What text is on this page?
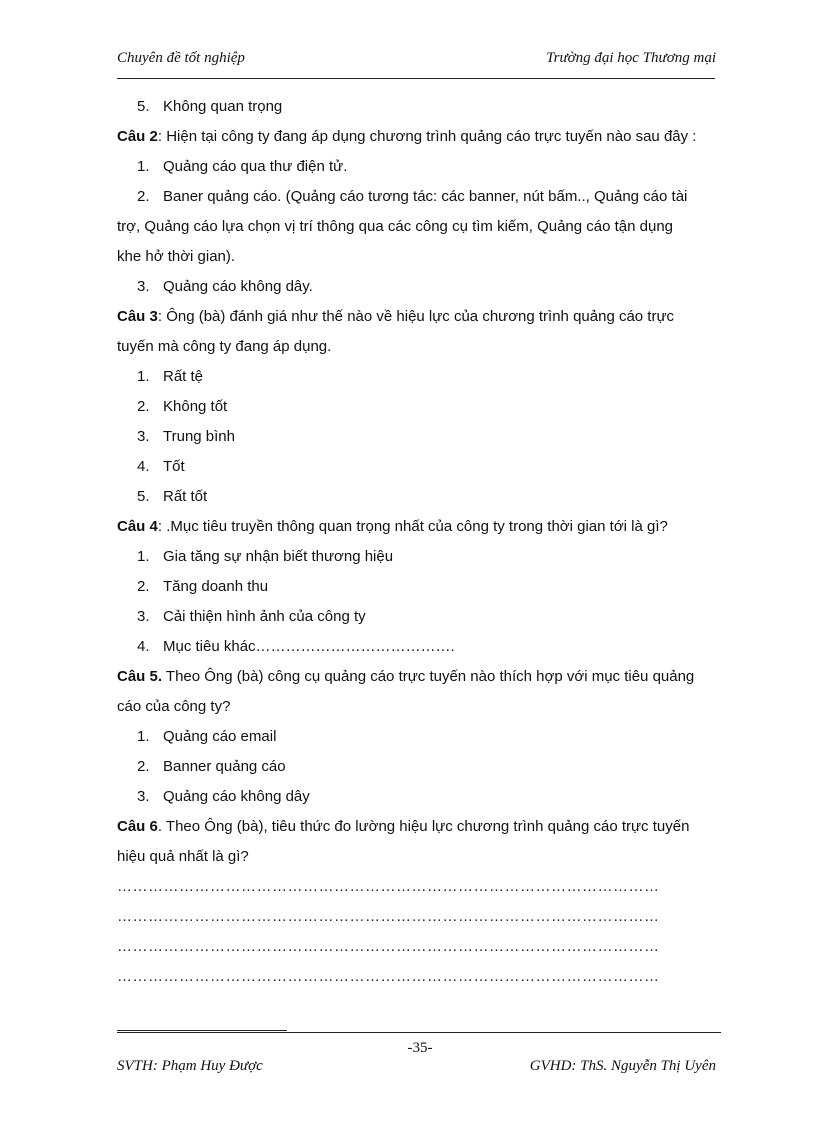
Chuyên đề tốt nghiệp	Trường đại học Thương mại
5. Không quan trọng
Câu 2: Hiện tại công ty đang áp dụng chương trình quảng cáo trực tuyến nào sau đây :
1. Quảng cáo qua thư điện tử.
2. Baner quảng cáo. (Quảng cáo tương tác: các banner, nút bấm.., Quảng cáo tài
trợ, Quảng cáo lựa chọn vị trí thông qua các công cụ tìm kiếm, Quảng cáo tận dụng
khe hở thời gian).
3. Quảng cáo không dây.
Câu 3: Ông (bà) đánh giá như thế nào về hiệu lực của chương trình quảng cáo trực
tuyến mà công ty đang áp dụng.
1. Rất tệ
2. Không tốt
3. Trung bình
4. Tốt
5. Rất tốt
Câu 4: .Mục tiêu truyền thông quan trọng nhất của công ty trong thời gian tới là gì?
1. Gia tăng sự nhận biết thương hiệu
2. Tăng doanh thu
3. Cải thiện hình ảnh của công ty
4. Mục tiêu khác………………………………….
Câu 5. Theo Ông (bà) công cụ quảng cáo trực tuyến nào thích hợp với mục tiêu quảng
cáo của công ty?
1. Quảng cáo email
2. Banner quảng cáo
3. Quảng cáo không dây
Câu 6. Theo Ông (bà), tiêu thức đo lường hiệu lực chương trình quảng cáo trực tuyến
hiệu quả nhất là gì?
……………………………………………………………………………………………
……………………………………………………………………………………………
……………………………………………………………………………………………
……………………………………………………………………………………………
-35-
SVTH: Phạm Huy Được	GVHD: ThS. Nguyễn Thị Uyên
